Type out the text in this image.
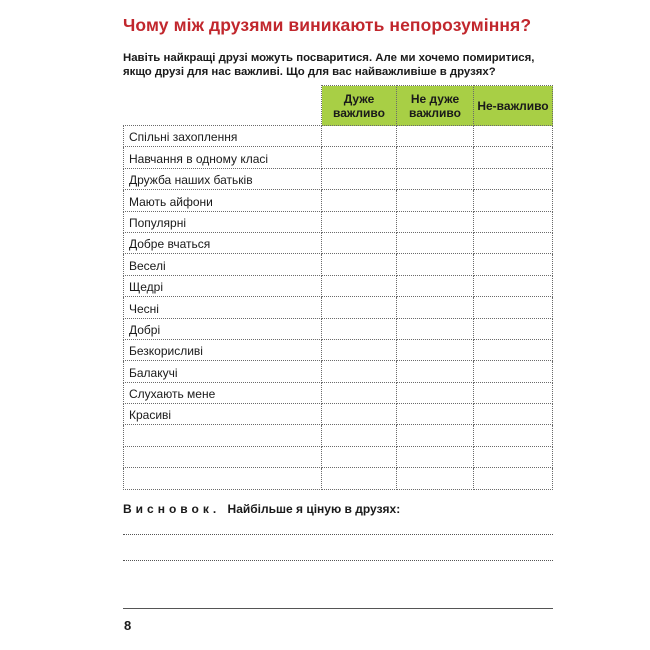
Чому між друзями виникають непорозуміння?
Навіть найкращі друзі можуть посваритися. Але ми хочемо помиритися, якщо друзі для нас важливі. Що для вас найважливіше в друзях?
	Дуже важливо	Не дуже важливо	Не-важливо
Спільні захоплення			
Навчання в одному класі			
Дружба наших батьків			
Мають айфони			
Популярні			
Добре вчаться			
Веселі			
Щедрі			
Чесні			
Добрі			
Безкорисливі			
Балакучі			
Слухають мене			
Красиві			

Висновок. Найбільше я ціную в друзях:
8
